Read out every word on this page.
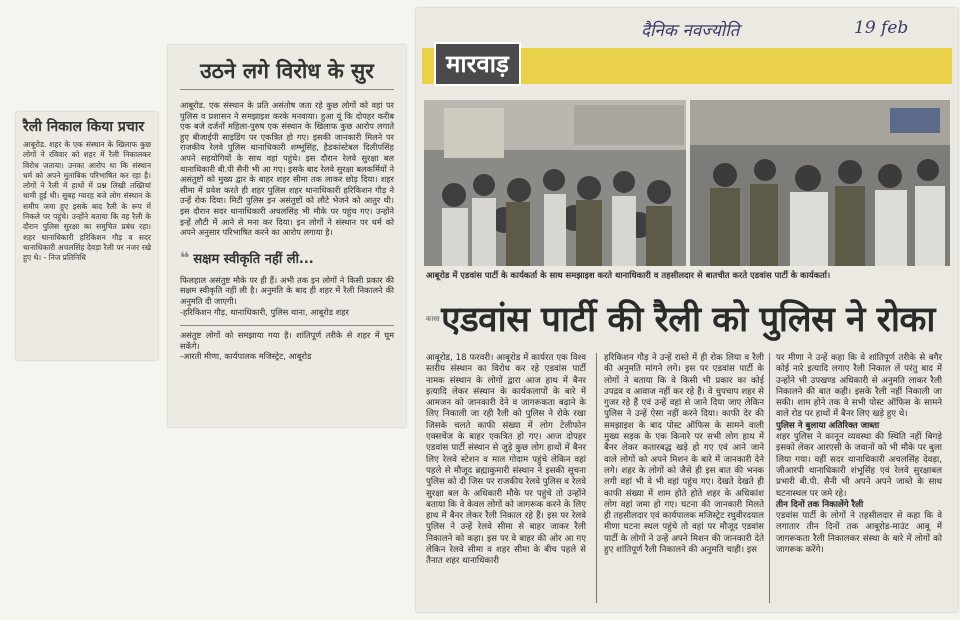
रैली निकाल किया प्रचार
आबूरोड. शहर के एक संस्थान के खिलाफ कुछ लोगों ने रविवार को शहर में रैली निकालकर विरोध जताया। उनका आरोप था कि संस्थान धर्म को अपने मुताबिक परिभाषित कर रहा है। लोगों ने रैली में हाथों में प्रश्न लिखी तख्तियां थामी हुई थी। सुबह ग्यारह बजे लोग संस्थान के समीप जमा हुए इसके बाद रैली के रूप में निकले पर पहुंचे। उन्होंने बताया कि वह रैली के दौरान पुलिस सुरक्षा का समुचित प्रबंध रहा। शहर थानाधिकारी हरिकिशन गौड़ व सदर थानाधिकारी अचलसिंह देवड़ा रैली पर नजर रखे हुए थे। - निज प्रतिनिधि
उठने लगे विरोध के सुर
आबूरोड. एक संस्थान के प्रति असंतोष जता रहे कुछ लोगों को वहां पर पुलिस व प्रशासन ने समझाइश करके मनवाया। हुआ यूं कि दोपहर करीब एक बजे दर्जनों महिला-पुरुष एक संस्थान के खिलाफ कुछ आरोप लगाते हुए बीजाईपी साइडिंग पर एकत्रित हो गए। इसकी जानकारी मिलने पर राजकीय रेलवे पुलिस थानाधिकारी शम्भूसिंह, हैडकांस्टेबल दिलीपसिंह अपने सहयोगियों के साथ वहां पहुंचे। इस दौरान रेलवे सुरक्षा बल थानाधिकारी बी.पी सैनी भी आ गए। इसके बाद रेलवे सुरक्षा बलकर्मियों ने असंतुष्टों को मुख्य द्वार के बाहर शहर सीमा तक लाकर छोड़ दिया। शहर सीमा में प्रवेश करते ही शहर पुलिस शहर थानाधिकारी हरिकिशन गौड़ ने उन्हें रोक दिया। मिटी पुलिस इन असंतुष्टों को लौटे भेजने को आतुर थी। इस दौरान सदर थानाधिकारी अचलसिंह भी मौके पर पहुंच गए। उन्होंने इन्हें लौटी में आने से मना कर दिया। इन लोगों ने संस्थान पर धर्म को अपने अनुसार परिभाषित करने का आरोप लगाया है।
❝ सक्षम स्वीकृति नहीं ली...
फिलहाल असंतुष्ट मौके पर ही हैं। अभी तक इन लोगों ने किसी प्रकार की सक्षम स्वीकृति नहीं ली है। अनुमति के बाद ही शहर में रैली निकालने की अनुमति दी जाएगी।
-हरिकिशन गौड़, थानाधिकारी, पुलिस थाना, आबूरोड शहर
असंतुष्ट लोगों को समझाया गया है। शांतिपूर्ण तरीके से शहर में घूम सकेंगे।
-आरती मीणा, कार्यपालक मजिस्ट्रेट, आबूरोड
दैनिक नवज्योति	19 feb
मारवाड़
आबूरोड में एडवांस पार्टी के कार्यकर्ता के साथ समझाइश करते थानाधिकारी व तहसीलदार से बातचीत करते एडवांस पार्टी के कार्यकर्ता।
कासा एडवांस पार्टी की रैली को पुलिस ने रोका
आबूरोड, 18 फरवरी। आबूरोड में कार्यरत एक विश्व स्तरीय संस्थान का विरोध कर रहे एडवांस पार्टी नामक संस्थान के लोगों द्वारा आज हाथ में बैनर इत्यादि लेकर संस्थान के कार्यकलापों के बारे में आमजन को जानकारी देने व जागरूकता बढ़ाने के लिए निकाली जा रही रैली को पुलिस ने रोके रखा जिसके चलते काफी संख्या में लोग टेलीफोन एक्सचेंज के बाहर एकत्रित हो गए। आज दोपहर एडवांस पार्टी संस्थान से जुड़े कुछ लोग हाथों में बैनर लिए रेलवे स्टेशन व माल गोदाम पहुंचे लेकिन वहां पहले से मौजूद ब्रह्माकुमारी संस्थान ने इसकी सूचना पुलिस को दी जिस पर राजकीय रेलवे पुलिस व रेलवे सुरक्षा बल के अधिकारी मौके पर पहुंचे तो उन्होंने बताया कि वे केवल लोगों को जागरूक करने के लिए हाथ में बैनर लेकर रैली निकाल रहे हैं। इस पर रेलवे पुलिस ने उन्हें रेलवे सीमा से बाहर जाकर रैली निकालने को कहा। इस पर वे बाहर की ओर आ गए लेकिन रेलवे सीमा व शहर सीमा के बीच पहले से तैनात शहर थानाधिकारी
हरिकिशन गौड़ ने उन्हें रास्ते में ही रोक लिया व रैली की अनुमति मांगने लगे। इस पर एडवांस पार्टी के लोगों ने बताया कि वे किसी भी प्रकार का कोई उपद्रव व आवाज नहीं कर रहे हैं। वे चुपचाप शहर से गुजर रहे हैं एवं उन्हें वहां से जाने दिया जाए लेकिन पुलिस ने उन्हें ऐसा नहीं करने दिया। काफी देर की समझाइश के बाद पोस्ट ऑफिस के सामने वाली मुख्य सड़क के एक किनारे पर सभी लोग हाथ में बैनर लेकर कतारबद्ध खड़े हो गए एवं आने जाने वाले लोगों को अपने मिशन के बारे में जानकारी देने लगे। शहर के लोगों को जैसे ही इस बात की भनक लगी वहां भी वे भी वहां पहुंच गए। देखते देखते ही काफी संख्या में शाम होते होते शहर के अधिकांश लोग वहां जमा हो गए। घटना की जानकारी मिलते ही तहसीलदार एवं कार्यपालक मजिस्ट्रेट रघुवीरदयाल मीणा घटना स्थल पहुंचे तो वहां पर मौजूद एडवांस पार्टी के लोगों ने उन्हें अपने मिशन की जानकारी देते हुए शांतिपूर्ण रैली निकालने की अनुमति चाही। इस
पर मीणा ने उन्हें कहा कि वे शांतिपूर्ण तरीके से बगैर कोई नारे इत्यादि लगाए रैली निकाल लें परंतु बाद में उन्होंने भी उपखण्ड अधिकारी से अनुमति लाकर रैली निकालने की बात कही। इसके रैली नहीं निकाली जा सकी। शाम होने तक वे सभी पोस्ट ऑफिस के सामने वाले रोड पर हाथों में बैनर लिए खड़े हुए थे।
पुलिस ने बुलाया अतिरिक्त जाब्ता
शहर पुलिस ने कानून व्यवस्था की स्थिति नहीं बिगड़े इसको लेकर आरएसी के जवानों को भी मौके पर बुला लिया गया। वहीं सदर थानाधिकारी अचलसिंह देवड़ा, जीआरपी थानाधिकारी शंभूसिंह एवं रेलवे सुरक्षाबल प्रभारी बी.पी. सैनी भी अपने अपने जाब्ते के साथ घटनास्थल पर जमे रहे।
तीन दिनों तक निकालेंगे रैली
एडवांस पार्टी के लोगों ने तहसीलदार से कहा कि वे लगातार तीन दिनों तक आबूरोड-माउंट आबू में जागरूकता रैली निकालकर संस्था के बारे में लोगों को जागरूक करेंगे।
